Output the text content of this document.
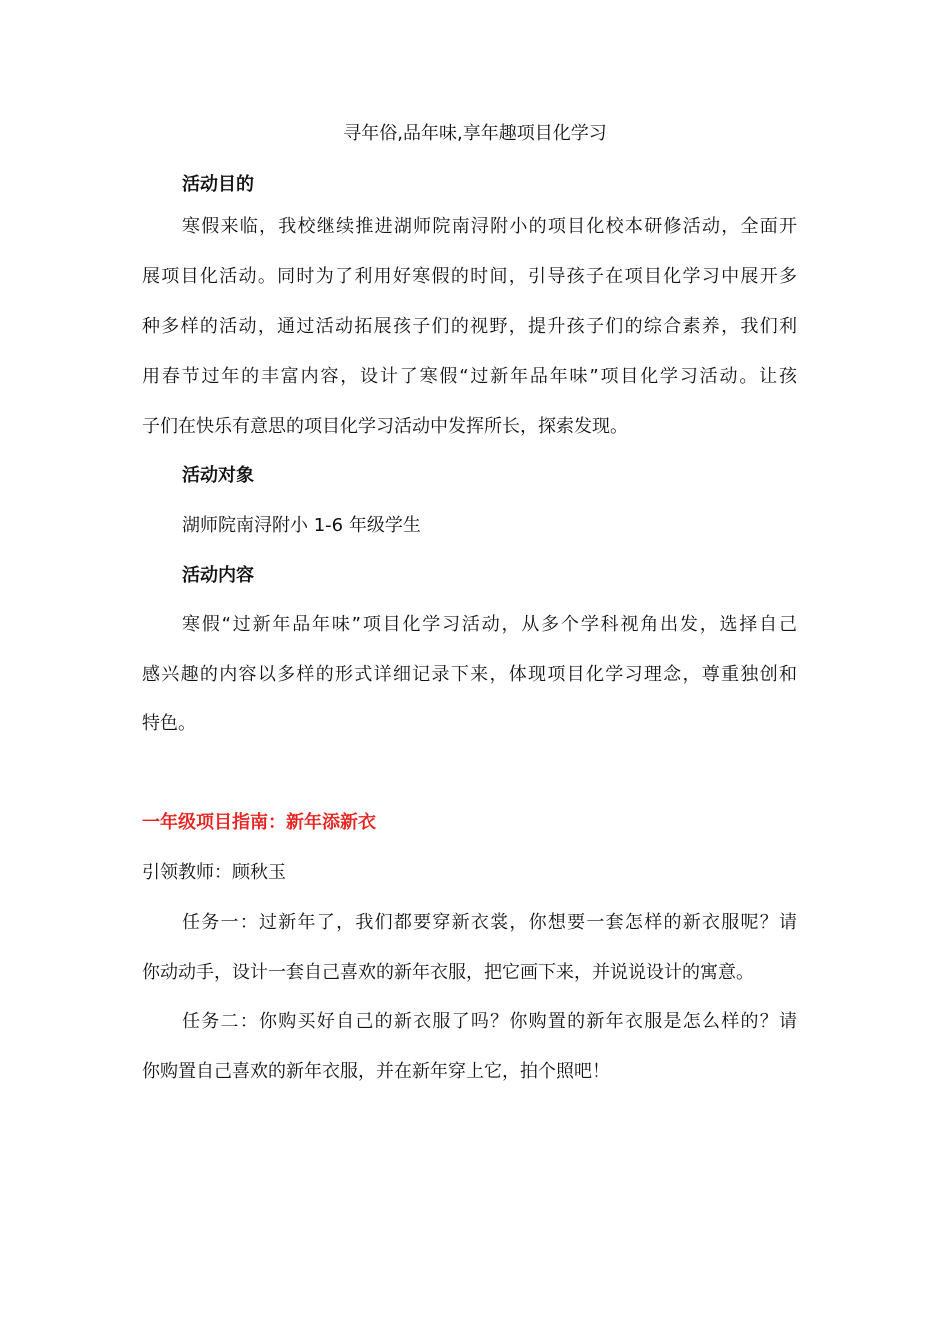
寻年俗,品年味,享年趣项目化学习
活动目的
寒假来临，我校继续推进湖师院南浔附小的项目化校本研修活动，全面开
展项目化活动。同时为了利用好寒假的时间，引导孩子在项目化学习中展开多
种多样的活动，通过活动拓展孩子们的视野，提升孩子们的综合素养，我们利
用春节过年的丰富内容，设计了寒假“过新年品年味”项目化学习活动。让孩
子们在快乐有意思的项目化学习活动中发挥所长，探索发现。
活动对象
湖师院南浔附小 1-6 年级学生
活动内容
寒假“过新年品年味”项目化学习活动，从多个学科视角出发，选择自己
感兴趣的内容以多样的形式详细记录下来，体现项目化学习理念，尊重独创和
特色。
一年级项目指南：新年添新衣
引领教师：顾秋玉
任务一：过新年了，我们都要穿新衣裳，你想要一套怎样的新衣服呢？请
你动动手，设计一套自己喜欢的新年衣服，把它画下来，并说说设计的寓意。
任务二：你购买好自己的新衣服了吗？你购置的新年衣服是怎么样的？请
你购置自己喜欢的新年衣服，并在新年穿上它，拍个照吧！
